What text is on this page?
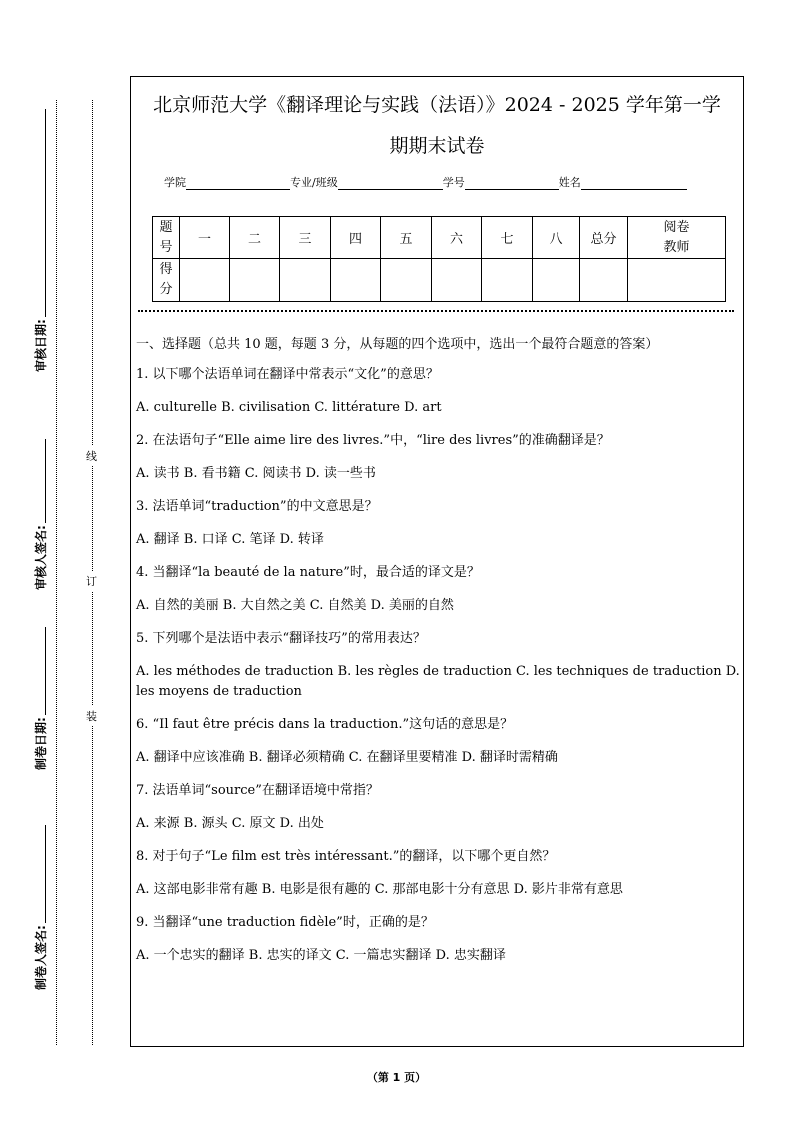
审核日期:
审核人签名:
制卷日期:
制卷人签名:
线
订
装
北京师范大学《翻译理论与实践（法语）》2024 - 2025 学年第一学
期期末试卷
学院	专业/班级	学号	姓名
题号	一	二	三	四	五	六	七	八	总分	阅卷教师
得分										

一、选择题（总共 10 题，每题 3 分，从每题的四个选项中，选出一个最符合题意的答案）

1. 以下哪个法语单词在翻译中常表示“文化”的意思？

A. culturelle B. civilisation C. littérature D. art

2. 在法语句子“Elle aime lire des livres.”中，“lire des livres”的准确翻译是？

A. 读书 B. 看书籍 C. 阅读书 D. 读一些书

3. 法语单词“traduction”的中文意思是？

A. 翻译 B. 口译 C. 笔译 D. 转译

4. 当翻译“la beauté de la nature”时，最合适的译文是？

A. 自然的美丽 B. 大自然之美 C. 自然美 D. 美丽的自然

5. 下列哪个是法语中表示“翻译技巧”的常用表达？

A. les méthodes de traduction B. les règles de traduction C. les techniques de traduction D. les moyens de traduction

6. “Il faut être précis dans la traduction.”这句话的意思是？

A. 翻译中应该准确 B. 翻译必须精确 C. 在翻译里要精准 D. 翻译时需精确

7. 法语单词“source”在翻译语境中常指？

A. 来源 B. 源头 C. 原文 D. 出处

8. 对于句子“Le film est très intéressant.”的翻译，以下哪个更自然？

A. 这部电影非常有趣 B. 电影是很有趣的 C. 那部电影十分有意思 D. 影片非常有意思

9. 当翻译“une traduction fidèle”时，正确的是？

A. 一个忠实的翻译 B. 忠实的译文 C. 一篇忠实翻译 D. 忠实翻译

（第 1 页）
